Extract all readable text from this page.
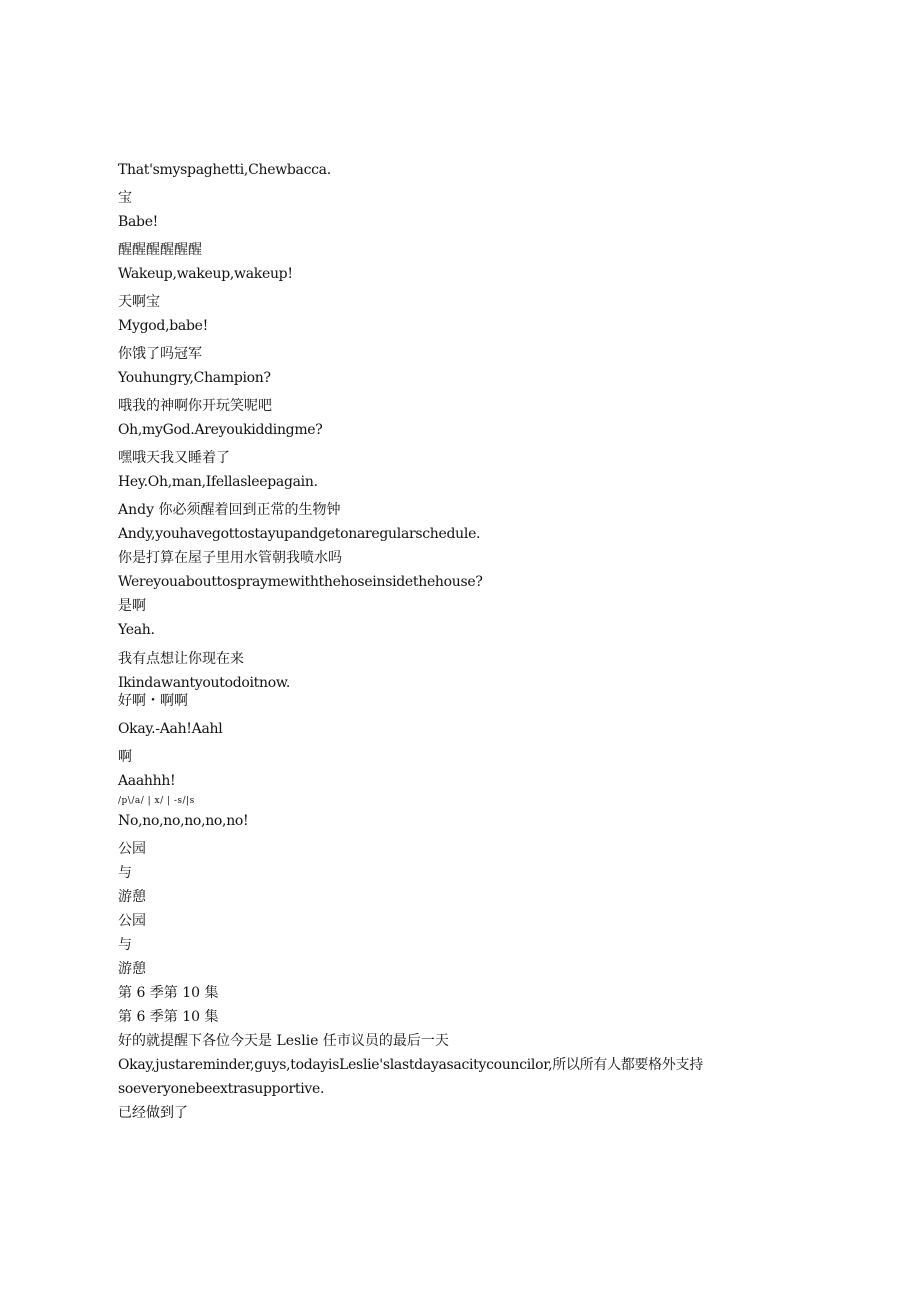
That'smyspaghetti,Chewbacca.
宝
Babe!
醒醒醒醒醒醒
Wakeup,wakeup,wakeup!
天啊宝
Mygod,babe!
你饿了吗冠军
Youhungry,Champion?
哦我的神啊你开玩笑呢吧
Oh,myGod.Areyoukiddingme?
嘿哦天我又睡着了
Hey.Oh,man,Ifellasleepagain.
Andy 你必须醒着回到正常的生物钟
Andy,youhavegottostayupandgetonaregularschedule.
你是打算在屋子里用水管朝我喷水吗
Wereyouabouttospraymewiththehoseinsidethehouse?
是啊
Yeah.
我有点想让你现在来
Ikindawantyoutodoitnow.
好啊・啊啊
Okay.-Aah!Aahl
啊
Aaahhh!
/p\/a/ | x/ | -s/|s
No,no,no,no,no,no!
公园
与
游憩
公园
与
游憩
第 6 季第 10 集
第 6 季第 10 集
好的就提醒下各位今天是 Leslie 任市议员的最后一天
Okay,justareminder,guys,todayisLeslie'slastdayasacitycouncilor,所以所有人都要格外支持
soeveryonebeextrasupportive.
已经做到了
